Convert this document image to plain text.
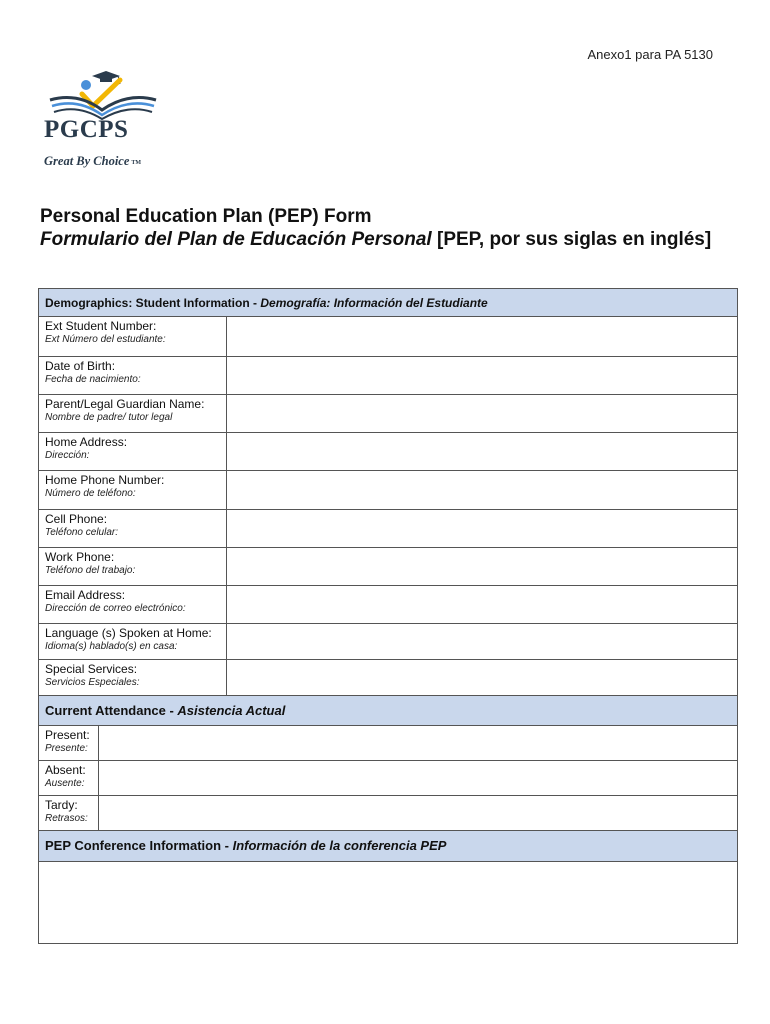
Anexo1 para PA 5130
PGCPS
Great By Choice TM
Personal Education Plan (PEP) Form
Formulario del Plan de Educación Personal [PEP, por sus siglas en inglés]
Demographics: Student Information - Demografía: Información del Estudiante
Ext Student Number:
Ext Número del estudiante:
Date of Birth:
Fecha de nacimiento:
Parent/Legal Guardian Name:
Nombre de padre/ tutor legal
Home Address:
Dirección:
Home Phone Number:
Número de teléfono:
Cell Phone:
Teléfono celular:
Work Phone:
Teléfono del trabajo:
Email Address:
Dirección de correo electrónico:
Language (s) Spoken at Home:
Idioma(s) hablado(s) en casa:
Special Services:
Servicios Especiales:
Current Attendance - Asistencia Actual
Present:
Presente:
Absent:
Ausente:
Tardy:
Retrasos:
PEP Conference Information - Información de la conferencia PEP
